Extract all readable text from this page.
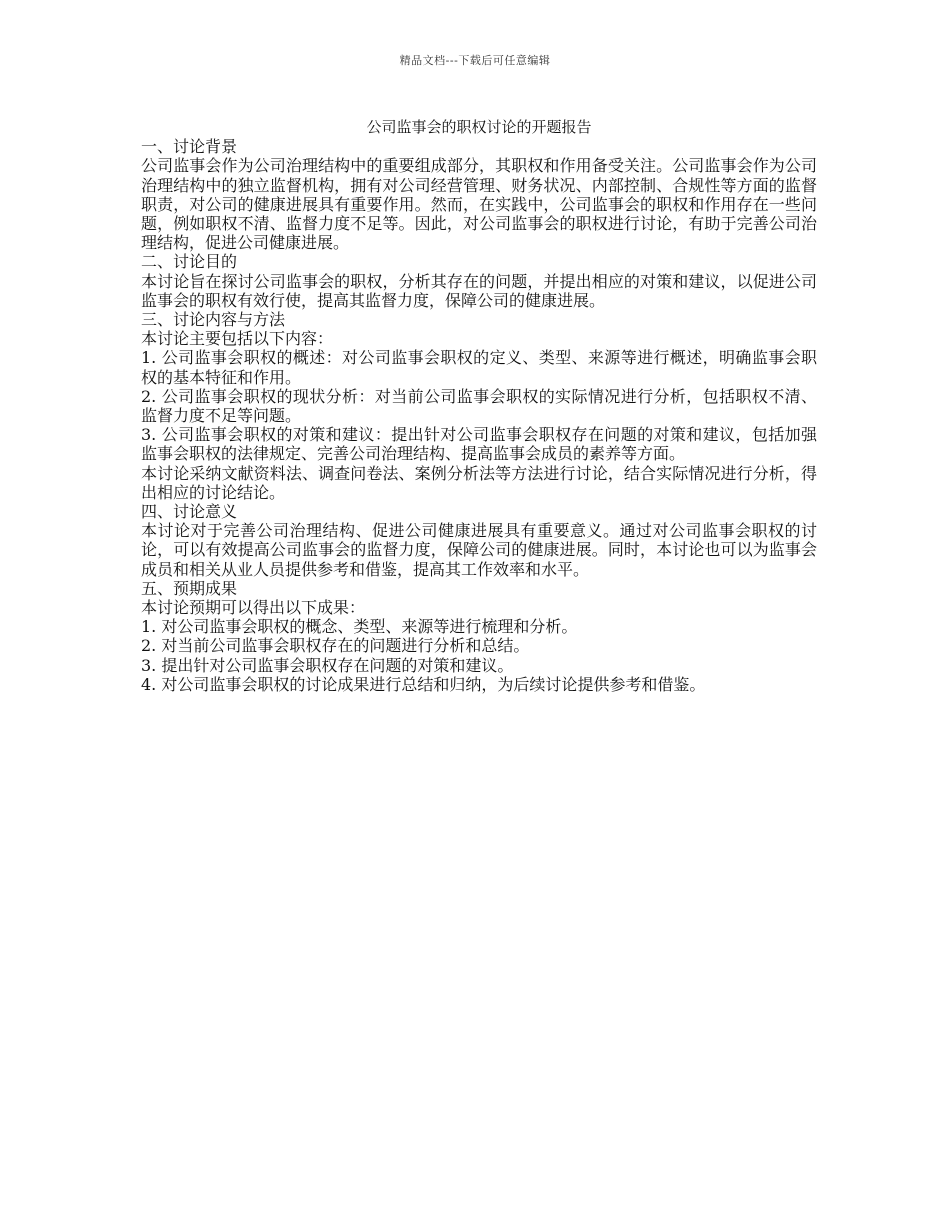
精品文档---下载后可任意编辑
公司监事会的职权讨论的开题报告

一、讨论背景

公司监事会作为公司治理结构中的重要组成部分，其职权和作用备受关注。公司监事会作为公司治理结构中的独立监督机构，拥有对公司经营管理、财务状况、内部控制、合规性等方面的监督职责，对公司的健康进展具有重要作用。然而，在实践中，公司监事会的职权和作用存在一些问题，例如职权不清、监督力度不足等。因此，对公司监事会的职权进行讨论，有助于完善公司治理结构，促进公司健康进展。

二、讨论目的

本讨论旨在探讨公司监事会的职权，分析其存在的问题，并提出相应的对策和建议，以促进公司监事会的职权有效行使，提高其监督力度，保障公司的健康进展。

三、讨论内容与方法

本讨论主要包括以下内容：

1. 公司监事会职权的概述：对公司监事会职权的定义、类型、来源等进行概述，明确监事会职权的基本特征和作用。

2. 公司监事会职权的现状分析：对当前公司监事会职权的实际情况进行分析，包括职权不清、监督力度不足等问题。

3. 公司监事会职权的对策和建议：提出针对公司监事会职权存在问题的对策和建议，包括加强监事会职权的法律规定、完善公司治理结构、提高监事会成员的素养等方面。

本讨论采纳文献资料法、调查问卷法、案例分析法等方法进行讨论，结合实际情况进行分析，得出相应的讨论结论。

四、讨论意义

本讨论对于完善公司治理结构、促进公司健康进展具有重要意义。通过对公司监事会职权的讨论，可以有效提高公司监事会的监督力度，保障公司的健康进展。同时，本讨论也可以为监事会成员和相关从业人员提供参考和借鉴，提高其工作效率和水平。

五、预期成果

本讨论预期可以得出以下成果：

1. 对公司监事会职权的概念、类型、来源等进行梳理和分析。

2. 对当前公司监事会职权存在的问题进行分析和总结。

3. 提出针对公司监事会职权存在问题的对策和建议。

4. 对公司监事会职权的讨论成果进行总结和归纳，为后续讨论提供参考和借鉴。
